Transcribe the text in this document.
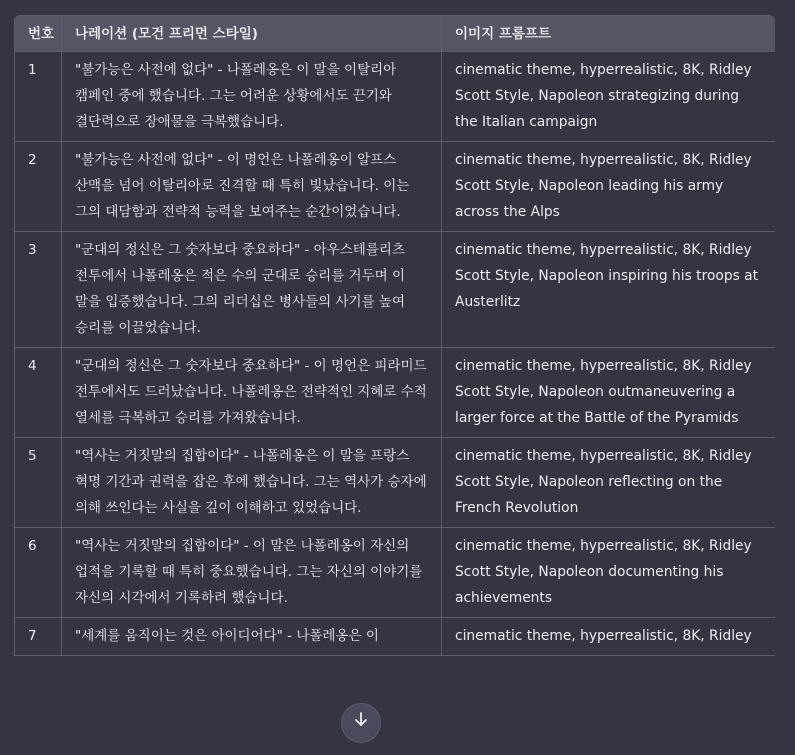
번호	나레이션 (모건 프리먼 스타일)	이미지 프롬프트
1	"불가능은 사전에 없다" - 나폴레옹은 이 말을 이탈리아 캠페인 중에 했습니다. 그는 어려운 상황에서도 끈기와 결단력으로 장애물을 극복했습니다.	cinematic theme, hyperrealistic, 8K, Ridley Scott Style, Napoleon strategizing during the Italian campaign
2	"불가능은 사전에 없다" - 이 명언은 나폴레옹이 알프스 산맥을 넘어 이탈리아로 진격할 때 특히 빛났습니다. 이는 그의 대담함과 전략적 능력을 보여주는 순간이었습니다.	cinematic theme, hyperrealistic, 8K, Ridley Scott Style, Napoleon leading his army across the Alps
3	"군대의 정신은 그 숫자보다 중요하다" - 아우스테를리츠 전투에서 나폴레옹은 적은 수의 군대로 승리를 거두며 이 말을 입증했습니다. 그의 리더십은 병사들의 사기를 높여 승리를 이끌었습니다.	cinematic theme, hyperrealistic, 8K, Ridley Scott Style, Napoleon inspiring his troops at Austerlitz
4	"군대의 정신은 그 숫자보다 중요하다" - 이 명언은 피라미드 전투에서도 드러났습니다. 나폴레옹은 전략적인 지혜로 수적 열세를 극복하고 승리를 가져왔습니다.	cinematic theme, hyperrealistic, 8K, Ridley Scott Style, Napoleon outmaneuvering a larger force at the Battle of the Pyramids
5	"역사는 거짓말의 집합이다" - 나폴레옹은 이 말을 프랑스 혁명 기간과 권력을 잡은 후에 했습니다. 그는 역사가 승자에 의해 쓰인다는 사실을 깊이 이해하고 있었습니다.	cinematic theme, hyperrealistic, 8K, Ridley Scott Style, Napoleon reflecting on the French Revolution
6	"역사는 거짓말의 집합이다" - 이 말은 나폴레옹이 자신의 업적을 기록할 때 특히 중요했습니다. 그는 자신의 이야기를 자신의 시각에서 기록하려 했습니다.	cinematic theme, hyperrealistic, 8K, Ridley Scott Style, Napoleon documenting his achievements
7	"세계를 움직이는 것은 아이디어다" - 나폴레옹은 이	cinematic theme, hyperrealistic, 8K, Ridley
